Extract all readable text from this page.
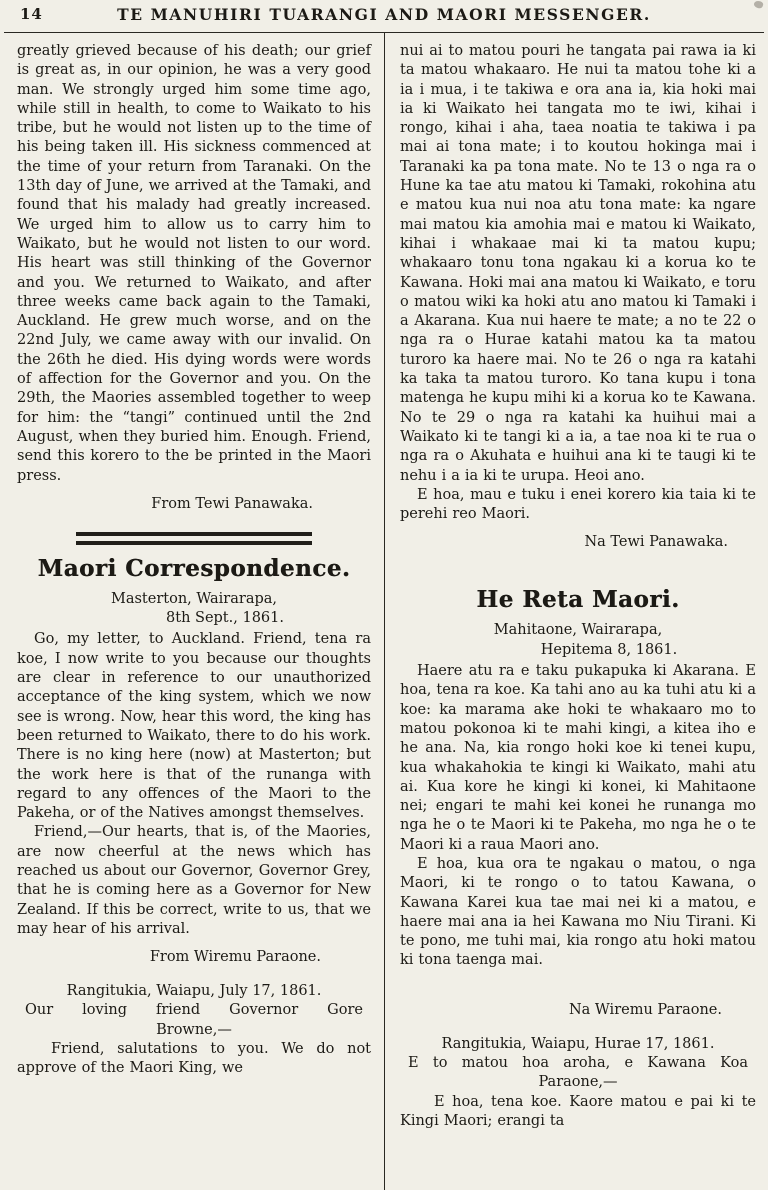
14	TE MANUHIRI TUARANGI AND MAORI MESSENGER.

greatly grieved because of his death; our grief is great as, in our opinion, he was a very good man. We strongly urged him some time ago, while still in health, to come to Waikato to his tribe, but he would not listen up to the time of his being taken ill. His sickness commenced at the time of your return from Taranaki. On the 13th day of June, we arrived at the Tamaki, and found that his malady had greatly increased. We urged him to allow us to carry him to Waikato, but he would not listen to our word. His heart was still thinking of the Governor and you. We returned to Waikato, and after three weeks came back again to the Tamaki, Auckland. He grew much worse, and on the 22nd July, we came away with our invalid. On the 26th he died. His dying words were words of affection for the Governor and you. On the 29th, the Maories assembled together to weep for him: the “tangi” continued until the 2nd August, when they buried him. Enough. Friend, send this korero to the be printed in the Maori press.

From Tewi Panawaka.

Maori Correspondence.

Masterton, Wairarapa,

8th Sept., 1861.

Go, my letter, to Auckland. Friend, tena ra koe, I now write to you because our thoughts are clear in reference to our unauthorized acceptance of the king system, which we now see is wrong. Now, hear this word, the king has been returned to Waikato, there to do his work. There is no king here (now) at Masterton; but the work here is that of the runanga with regard to any offences of the Maori to the Pakeha, or of the Natives amongst themselves.

Friend,—Our hearts, that is, of the Maories, are now cheerful at the news which has reached us about our Governor, Governor Grey, that he is coming here as a Governor for New Zealand. If this be correct, write to us, that we may hear of his arrival.

From Wiremu Paraone.

Rangitukia, Waiapu, July 17, 1861.

Our loving friend Governor Gore

Browne,—

Friend, salutations to you. We do not approve of the Maori King, we

nui ai to matou pouri he tangata pai rawa ia ki ta matou whakaaro. He nui ta matou tohe ki a ia i mua, i te takiwa e ora ana ia, kia hoki mai ia ki Waikato hei tangata mo te iwi, kihai i rongo, kihai i aha, taea noatia te takiwa i pa mai ai tona mate; i to koutou hokinga mai i Taranaki ka pa tona mate. No te 13 o nga ra o Hune ka tae atu matou ki Tamaki, rokohina atu e matou kua nui noa atu tona mate: ka ngare mai matou kia amohia mai e matou ki Waikato, kihai i whakaae mai ki ta matou kupu; whakaaro tonu tona ngakau ki a korua ko te Kawana. Hoki mai ana matou ki Waikato, e toru o matou wiki ka hoki atu ano matou ki Tamaki i a Akarana. Kua nui haere te mate; a no te 22 o nga ra o Hurae katahi matou ka ta matou turoro ka haere mai. No te 26 o nga ra katahi ka taka ta matou turoro. Ko tana kupu i tona matenga he kupu mihi ki a korua ko te Kawana. No te 29 o nga ra katahi ka huihui mai a Waikato ki te tangi ki a ia, a tae noa ki te rua o nga ra o Akuhata e huihui ana ki te taugi ki te nehu i a ia ki te urupa. Heoi ano.

E hoa, mau e tuku i enei korero kia taia ki te perehi reo Maori.

Na Tewi Panawaka.

He Reta Maori.

Mahitaone, Wairarapa,

Hepitema 8, 1861.

Haere atu ra e taku pukapuka ki Akarana. E hoa, tena ra koe. Ka tahi ano au ka tuhi atu ki a koe: ka marama ake hoki te whakaaro mo to matou pokonoa ki te mahi kingi, a kitea iho e he ana. Na, kia rongo hoki koe ki tenei kupu, kua whakahokia te kingi ki Waikato, mahi atu ai. Kua kore he kingi ki konei, ki Mahitaone nei; engari te mahi kei konei he runanga mo nga he o te Maori ki te Pakeha, mo nga he o te Maori ki a raua Maori ano.

E hoa, kua ora te ngakau o matou, o nga Maori, ki te rongo o to tatou Kawana, o Kawana Karei kua tae mai nei ki a matou, e haere mai ana ia hei Kawana mo Niu Tirani. Ki te pono, me tuhi mai, kia rongo atu hoki matou ki tona taenga mai.

Na Wiremu Paraone.

Rangitukia, Waiapu, Hurae 17, 1861.

E to matou hoa aroha, e Kawana Koa

Paraone,—

E hoa, tena koe. Kaore matou e pai ki te Kingi Maori; erangi ta
